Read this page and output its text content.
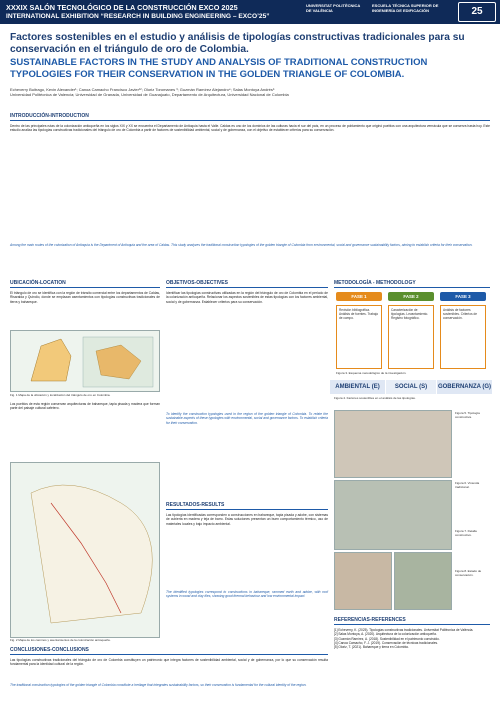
XXXIX SALÓN TECNOLÓGICO DE LA CONSTRUCCIÓN EXCO 2025
INTERNATIONAL EXHIBITION “RESEARCH IN BUILDING ENGINEERING – EXCO’25”
UNIVERSITAT POLITÈCNICA DE VALÈNCIA
ESCUELA TÉCNICA SUPERIOR DE INGENIERÍA DE EDIFICACIÓN	25
Factores sostenibles en el estudio y análisis de tipologías constructivas tradicionales para su conservación en el triángulo de oro de Colombia.
SUSTAINABLE FACTORS IN THE STUDY AND ANALYSIS OF TRADITIONAL CONSTRUCTION TYPOLOGIES FOR THEIR CONSERVATION IN THE GOLDEN TRIANGLE OF COLOMBIA.
Echeverry Buitrago, Kevin Alexander¹; Canoa Camacho Francisco Javier¹²; Oloriz Toromanes ³; Guzmán Ramírez Alejandro⁴; Salas Montoya Andrés⁵
Universidad Politécnica de Valencia; Universidad de Granada, Universidad de Guanajuato, Departamento de Arquitectura, Universidad Nacional de Colombia
INTRODUCCIÓN-INTRODUCTION
Dentro de las principales rutas de la colonización antioqueña en los siglos XIX y XX se encuentra el Departamento de Antioquia hasta el Valle. Caldas es uno de los dominios de las culturas hacia el sur del país, en un proceso de poblamiento que originó pueblos con una arquitectura vernácula que se conserva hasta hoy. Este estudio analiza las tipologías constructivas tradicionales del triángulo de oro de Colombia a partir de factores de sostenibilidad ambiental, social y de gobernanza, con el objetivo de establecer criterios para su conservación.
Among the main routes of the colonization of Antioquia is the Department of Antioquia and the area of Caldas. This study analyzes the traditional construction typologies of the golden triangle of Colombia from environmental, social and governance sustainability factors, aiming to establish criteria for their conservation.
UBICACIÓN-LOCATION
El triángulo de oro se identifica con la región de tránsito comercial entre los departamentos de Caldas, Risaralda y Quindío, donde se emplazan asentamientos con tipologías constructivas tradicionales de tierra y bahareque.
Fig. 1 Mapa de la ubicación y localización del triángulo de oro en Colombia.
Los pueblos de esta región conservan arquitecturas de bahareque, tapia pisada y madera que forman parte del paisaje cultural cafetero.
Fig. 2 Mapa de los caminos y asentamientos de la colonización antioqueña.
OBJETIVOS-OBJECTIVES
Identificar las tipologías constructivas utilizadas en la región del triángulo de oro de Colombia en el periodo de la colonización antioqueña. Relacionar los aspectos sostenibles de estas tipologías con los factores ambiental, social y de gobernanza. Establecer criterios para su conservación.
To identify the construction typologies used in the region of the golden triangle of Colombia. To relate the sustainable aspects of these typologies with environmental, social and governance factors. To establish criteria for their conservation.
METODOLOGÍA - METHODOLOGY
FASE 1	FASE 2	FASE 3
Revisión bibliográfica. Análisis de fuentes. Trabajo de campo.
Caracterización de tipologías. Levantamiento. Registro fotográfico.
Análisis de factores sostenibles. Criterios de conservación.
Figura 3. Esquema metodológico de la investigación.
AMBIENTAL (E)	SOCIAL (S)	GOBERNANZA (G)
Figura 4. Factores sostenibles en el análisis de las tipologías.
RESULTADOS-RESULTS
Las tipologías identificadas corresponden a construcciones en bahareque, tapia pisada y adobe, con sistemas de cubierta en madera y teja de barro. Estas soluciones presentan un buen comportamiento térmico, uso de materiales locales y bajo impacto ambiental.
The identified typologies correspond to constructions in bahareque, rammed earth and adobe, with roof systems in wood and clay tiles, showing good thermal behaviour and low environmental impact.
Figura 5. Tipología constructiva.
Figura 6. Vivienda tradicional.
Figura 7. Detalle constructivo.
Figura 8. Estado de conservación.
CONCLUSIONES-CONCLUSIONS
Las tipologías constructivas tradicionales del triángulo de oro de Colombia constituyen un patrimonio que integra factores de sostenibilidad ambiental, social y de gobernanza, por lo que su conservación resulta fundamental para la identidad cultural de la región.
The traditional construction typologies of the golden triangle of Colombia constitute a heritage that integrates sustainability factors, so their conservation is fundamental for the cultural identity of the region.
REFERENCIAS-REFERENCES
[1] Echeverry, K. (2025). Tipologías constructivas tradicionales. Universitat Politècnica de València.
[2] Salas Montoya, A. (2020). Arquitectura de la colonización antioqueña.
[3] Guzmán Ramírez, A. (2018). Sostenibilidad en el patrimonio construido.
[4] Canoa Camacho, F. J. (2019). Conservación de técnicas tradicionales.
[5] Oloriz, T. (2021). Bahareque y tierra en Colombia.
